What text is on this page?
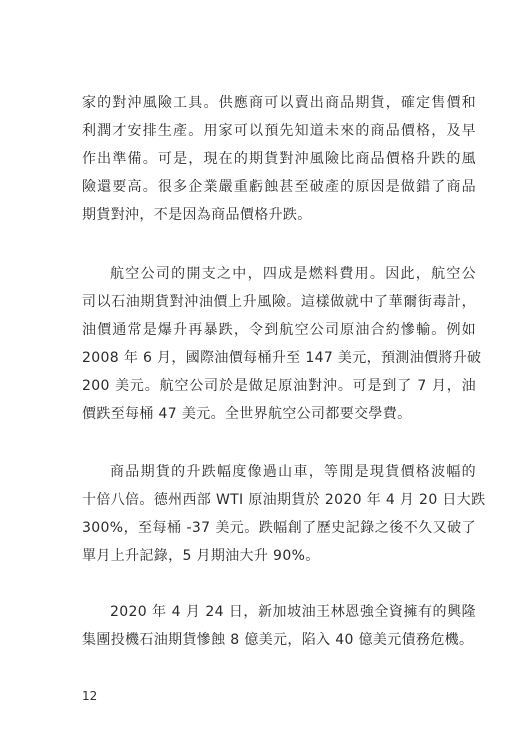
家的對沖風險工具。供應商可以賣出商品期貨，確定售價和
利潤才安排生產。用家可以預先知道未來的商品價格，及早
作出準備。可是，現在的期貨對沖風險比商品價格升跌的風
險還要高。很多企業嚴重虧蝕甚至破產的原因是做錯了商品
期貨對沖，不是因為商品價格升跌。
航空公司的開支之中，四成是燃料費用。因此，航空公
司以石油期貨對沖油價上升風險。這樣做就中了華爾街毒計，
油價通常是爆升再暴跌，令到航空公司原油合約慘輸。例如
2008 年 6 月，國際油價每桶升至 147 美元，預測油價將升破
200 美元。航空公司於是做足原油對沖。可是到了 7 月，油
價跌至每桶 47 美元。全世界航空公司都要交學費。
商品期貨的升跌幅度像過山車，等閒是現貨價格波幅的
十倍八倍。德州西部 WTI 原油期貨於 2020 年 4 月 20 日大跌
300%，至每桶 -37 美元。跌幅創了歷史記錄之後不久又破了
單月上升記錄，5 月期油大升 90%。
2020 年 4 月 24 日，新加坡油王林恩強全資擁有的興隆
集團投機石油期貨慘蝕 8 億美元，陷入 40 億美元債務危機。
12
